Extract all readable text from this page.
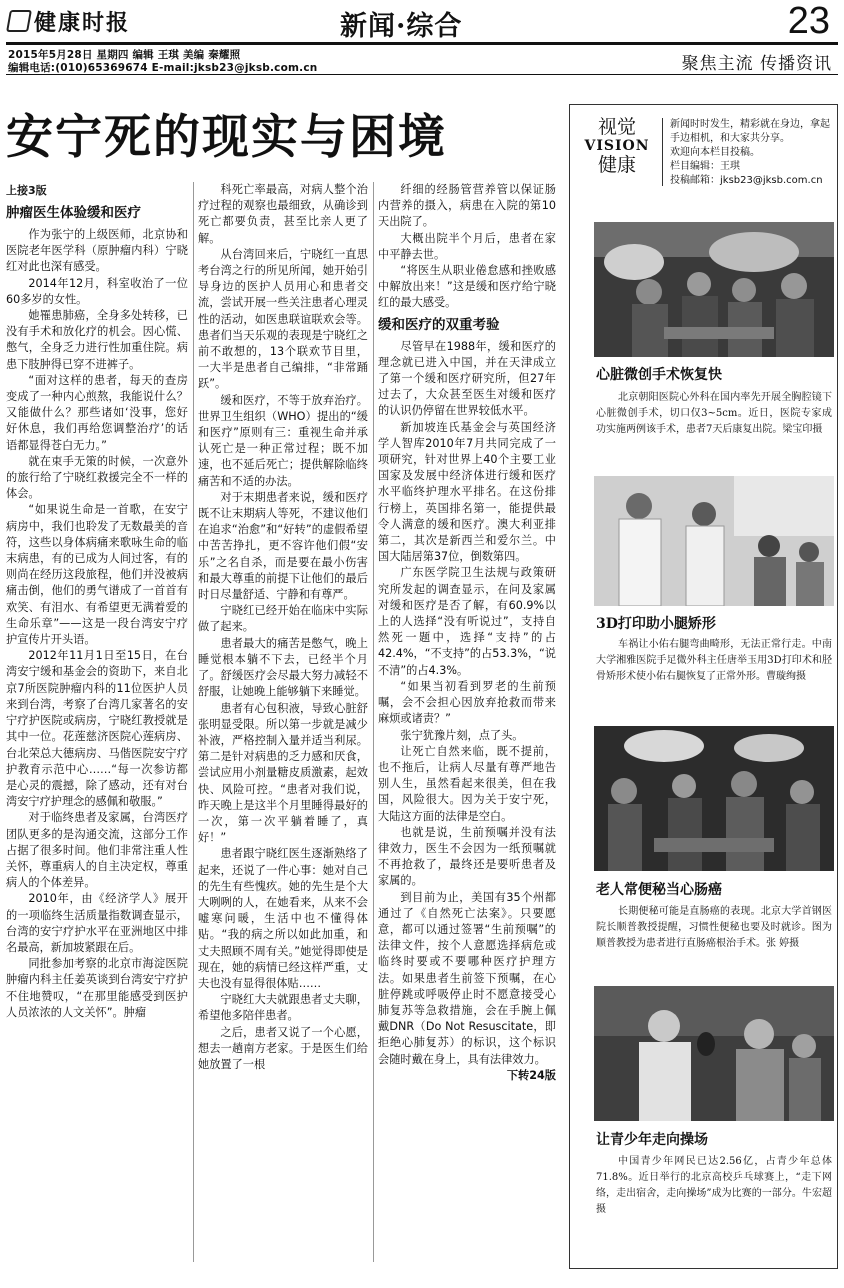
健康时报	新闻·综合	23
2015年5月28日 星期四 编辑 王琪 美编 秦耀照
编辑电话:(010)65369674 E-mail:jksb23@jksb.com.cn	聚焦主流 传播资讯
安宁死的现实与困境
上接3版
肿瘤医生体验缓和医疗

作为张宁的上级医师，北京协和医院老年医学科（原肿瘤内科）宁晓红对此也深有感受。

2014年12月，科室收治了一位60多岁的女性。

她罹患肺癌，全身多处转移，已没有手术和放化疗的机会。因心慌、憋气，全身乏力进行性加重住院。病患下肢肿得已穿不进裤子。

“面对这样的患者，每天的查房变成了一种内心煎熬，我能说什么？又能做什么？那些诸如‘没事，您好好休息，我们再给您调整治疗’的话语都显得苍白无力。”

就在束手无策的时候，一次意外的旅行给了宁晓红救援完全不一样的体会。

“如果说生命是一首歌，在安宁病房中，我们也聆发了无数最美的音符，这些以身体病痛来歌咏生命的临末病患，有的已成为人间过客，有的则尚在经历这段旅程，他们并没被病痛击倒，他们的勇气谱成了一首首有欢笑、有泪水、有希望更无满着爱的生命乐章”——这是一段台湾安宁疗护宣传片开头语。

2012年11月1日至15日，在台湾安宁缓和基金会的资助下，来自北京7所医院肿瘤内科的11位医护人员来到台湾，考察了台湾几家著名的安宁疗护医院或病房，宁晓红教授就是其中一位。花莲慈济医院心莲病房、台北荣总大德病房、马偕医院安宁疗护教育示范中心……“每一次参访都是心灵的震撼，除了感动，还有对台湾安宁疗护理念的感佩和敬服。”

对于临终患者及家属，台湾医疗团队更多的是沟通交流，这部分工作占据了很多时间。他们非常注重人性关怀，尊重病人的自主决定权，尊重病人的个体差异。

2010年，由《经济学人》展开的一项临终生活质量指数调查显示，台湾的安宁疗护水平在亚洲地区中排名最高，新加坡紧跟在后。

同批参加考察的北京市海淀医院肿瘤内科主任姜英谈到台湾安宁疗护不住地赞叹，“在那里能感受到医护人员浓浓的人文关怀”。肿瘤

科死亡率最高，对病人整个治疗过程的观察也最细致，从确诊到死亡都要负责，甚至比亲人更了解。

从台湾回来后，宁晓红一直思考台湾之行的所见所闻，她开始引导身边的医护人员用心和患者交流，尝试开展一些关注患者心理灵性的活动，如医患联谊联欢会等。患者们当天乐观的表现是宁晓红之前不敢想的，13个联欢节目里，一大半是患者自己编排，“非常踊跃”。

缓和医疗，不等于放弃治疗。世界卫生组织（WHO）提出的“缓和医疗”原则有三：重视生命并承认死亡是一种正常过程；既不加速，也不延后死亡；提供解除临终痛苦和不适的办法。

对于末期患者来说，缓和医疗既不让末期病人等死，不建议他们在追求“治愈”和“好转”的虚假希望中苦苦挣扎，更不容许他们假“安乐”之名自杀，而是要在最小伤害和最大尊重的前提下让他们的最后时日尽量舒适、宁静和有尊严。

宁晓红已经开始在临床中实际做了起来。

患者最大的痛苦是憋气，晚上睡觉根本躺不下去，已经半个月了。舒缓医疗会尽最大努力减轻不舒服，让她晚上能够躺下来睡觉。

患者有心包积液，导致心脏舒张明显受限。所以第一步就是减少补液，严格控制入量并适当利尿。第二是针对病患的乏力感和厌食，尝试应用小剂量糖皮质激素，起效快、风险可控。“患者对我们说，昨天晚上是这半个月里睡得最好的一次，第一次平躺着睡了，真好！”

患者跟宁晓红医生逐渐熟络了起来，还说了一件心事：她对自己的先生有些愧疚。她的先生是个大大咧咧的人，在她看来，从来不会嘘寒问暖，生活中也不懂得体贴。“我的病之所以如此加重，和丈夫照顾不周有关。”她觉得即使是现在，她的病情已经这样严重，丈夫也没有显得很体贴……

宁晓红大夫就跟患者丈夫聊，希望他多陪伴患者。

之后，患者又说了一个心愿，想去一趟南方老家。于是医生们给她放置了一根

纤细的经肠管营养管以保证肠内营养的摄入，病患在入院的第10天出院了。

大概出院半个月后，患者在家中平静去世。

“将医生从职业倦怠感和挫败感中解放出来！”这是缓和医疗给宁晓红的最大感受。

缓和医疗的双重考验

尽管早在1988年，缓和医疗的理念就已进入中国，并在天津成立了第一个缓和医疗研究所，但27年过去了，大众甚至医生对缓和医疗的认识仍停留在世界较低水平。

新加坡连氏基金会与英国经济学人智库2010年7月共同完成了一项研究，针对世界上40个主要工业国家及发展中经济体进行缓和医疗水平临终护理水平排名。在这份排行榜上，英国排名第一，能提供最令人满意的缓和医疗。澳大利亚排第二，其次是新西兰和爱尔兰。中国大陆居第37位，倒数第四。

广东医学院卫生法规与政策研究所发起的调查显示，在问及家属对缓和医疗是否了解，有60.9%以上的人选择“没有听说过”，支持自然死一题中，选择“支持”的占42.4%，“不支持”的占53.3%，“说不清”的占4.3%。

“如果当初看到罗老的生前预嘱，会不会担心因放弃抢救而带来麻烦或诸责？”

张宁犹豫片刻，点了头。

让死亡自然来临，既不提前，也不拖后，让病人尽量有尊严地告别人生，虽然看起来很美，但在我国，风险很大。因为关于安宁死，大陆这方面的法律是空白。

也就是说，生前预嘱并没有法律效力，医生不会因为一纸预嘱就不再抢救了，最终还是要听患者及家属的。

到目前为止，美国有35个州都通过了《自然死亡法案》。只要愿意，都可以通过签署“生前预嘱”的法律文件，按个人意愿选择病危或临终时要或不要哪种医疗护理方法。如果患者生前签下预嘱，在心脏停跳或呼吸停止时不愿意接受心肺复苏等急救措施，会在手腕上佩戴DNR（Do Not Resuscitate，即拒绝心肺复苏）的标识，这个标识会随时戴在身上，具有法律效力。

下转24版
视觉
VISION
健康
新闻时时发生，精彩就在身边，拿起手边相机，和大家共分享。
欢迎向本栏目投稿。
栏目编辑：王琪
投稿邮箱：jksb23@jksb.com.cn
心脏微创手术恢复快
北京朝阳医院心外科在国内率先开展全胸腔镜下心脏微创手术，切口仅3~5cm。近日，医院专家成功实施两例该手术，患者7天后康复出院。梁宝印摄
3D打印助小腿矫形
车祸让小佑右腿弯曲畸形，无法正常行走。中南大学湘雅医院手足微外科主任唐举玉用3D打印术和胫骨矫形术使小佑右腿恢复了正常外形。曹璇绚摄
老人常便秘当心肠癌
长期便秘可能是直肠癌的表现。北京大学首钢医院长顺普教授提醒，习惯性便秘也要及时就诊。图为顺普教授为患者进行直肠癌根治手术。张 婷摄
让青少年走向操场
中国青少年网民已达2.56亿，占青少年总体71.8%。近日举行的北京高校乒乓球赛上，“走下网络，走出宿舍，走向操场”成为比赛的一部分。牛宏超摄
